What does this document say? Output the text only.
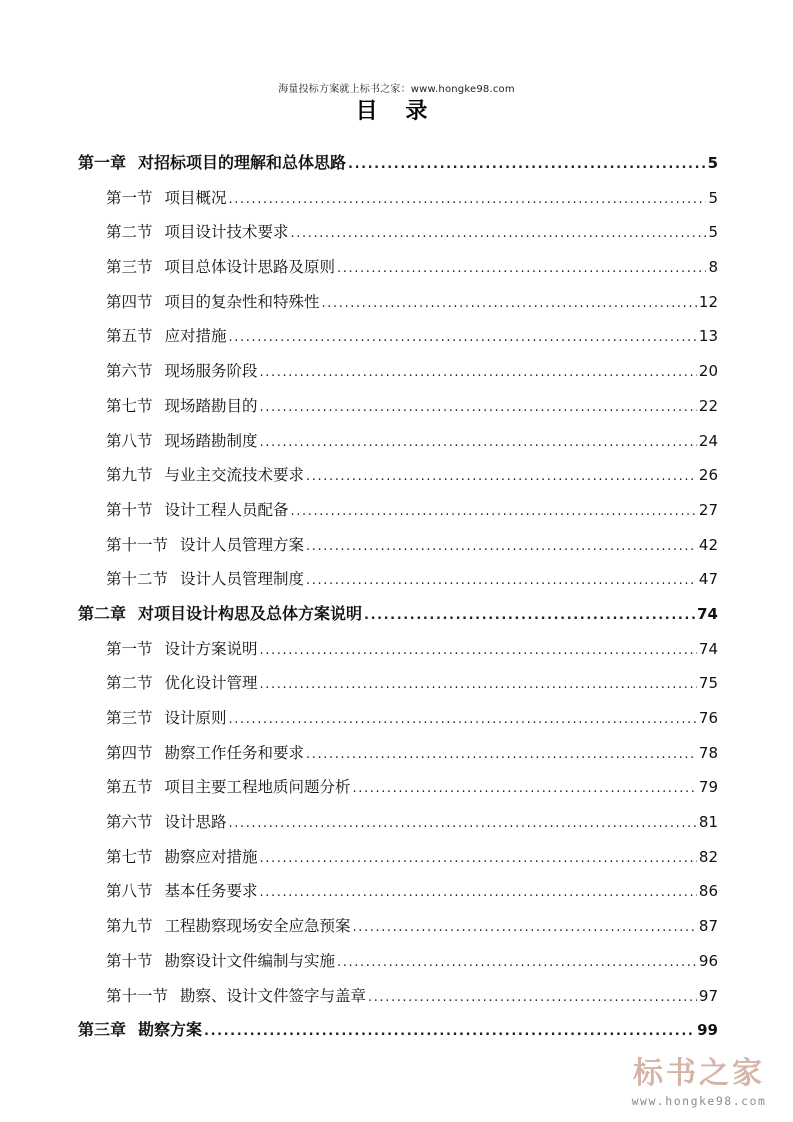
海量投标方案就上标书之家：www.hongke98.com
目 录
第一章 对招标项目的理解和总体思路 .....	5
第一节 项目概况 .....	5
第二节 项目设计技术要求 .....	5
第三节 项目总体设计思路及原则 .....	8
第四节 项目的复杂性和特殊性 .....	12
第五节 应对措施 .....	13
第六节 现场服务阶段 .....	20
第七节 现场踏勘目的 .....	22
第八节 现场踏勘制度 .....	24
第九节 与业主交流技术要求 .....	26
第十节 设计工程人员配备 .....	27
第十一节 设计人员管理方案 .....	42
第十二节 设计人员管理制度 .....	47
第二章 对项目设计构思及总体方案说明 .....	74
第一节 设计方案说明 .....	74
第二节 优化设计管理 .....	75
第三节 设计原则 .....	76
第四节 勘察工作任务和要求 .....	78
第五节 项目主要工程地质问题分析 .....	79
第六节 设计思路 .....	81
第七节 勘察应对措施 .....	82
第八节 基本任务要求 .....	86
第九节 工程勘察现场安全应急预案 .....	87
第十节 勘察设计文件编制与实施 .....	96
第十一节 勘察、设计文件签字与盖章 .....	97
第三章 勘察方案 .....	99
标书之家
www.hongke98.com
